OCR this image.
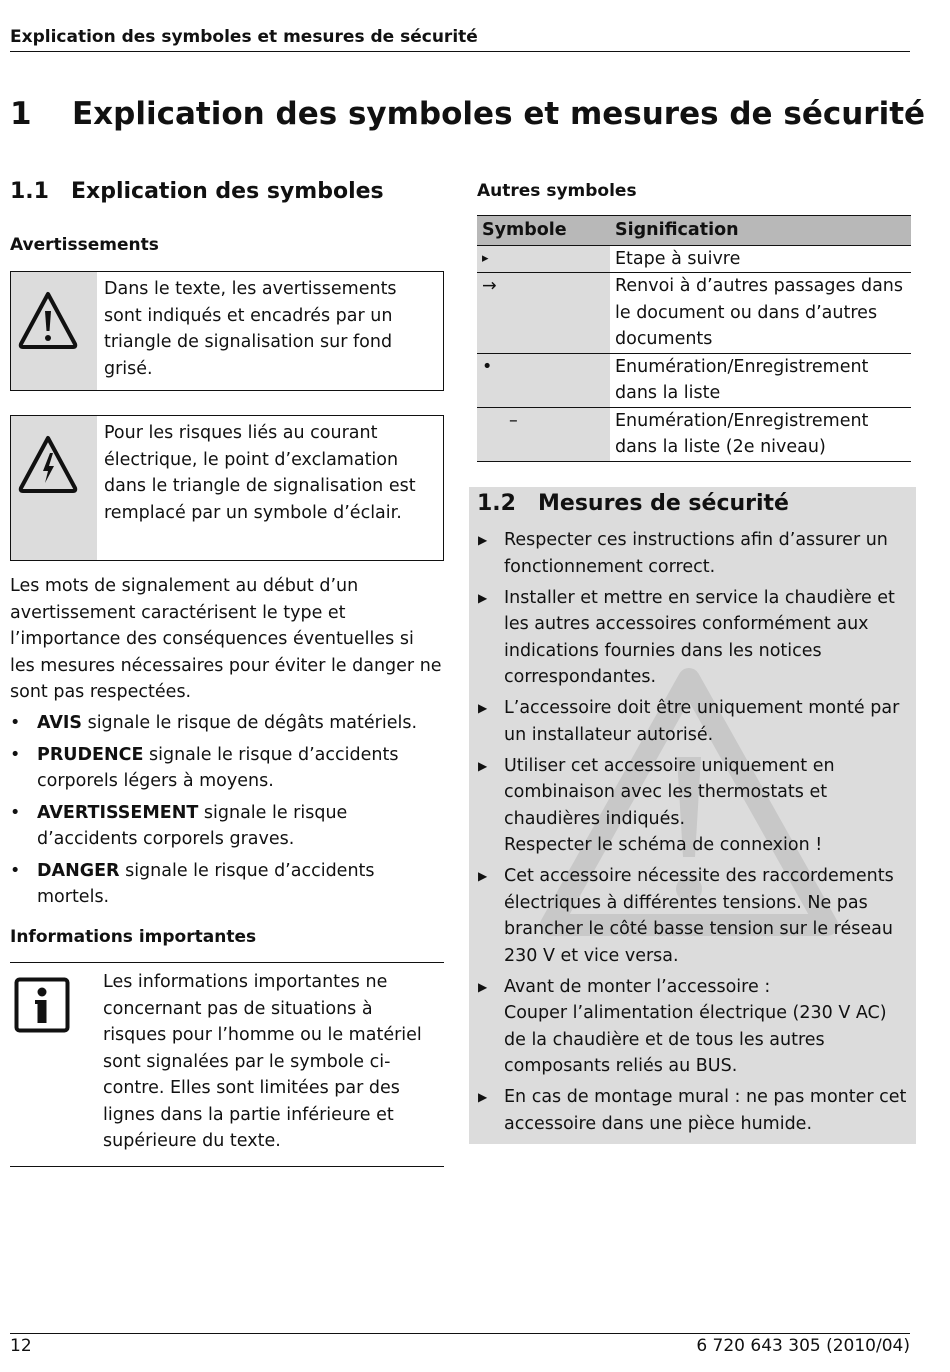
Explication des symboles et mesures de sécurité
1 Explication des symboles et mesures de sécurité
1.1 Explication des symboles
Avertissements
Dans le texte, les avertissements sont indiqués et encadrés par un triangle de signalisation sur fond grisé.
Pour les risques liés au courant électrique, le point d’exclamation dans le triangle de signalisation est remplacé par un symbole d’éclair.
Les mots de signalement au début d’un avertissement caractérisent le type et l’importance des conséquences éventuelles si les mesures nécessaires pour éviter le danger ne sont pas respectées.
• AVIS signale le risque de dégâts matériels.
• PRUDENCE signale le risque d’accidents corporels légers à moyens.
• AVERTISSEMENT signale le risque d’accidents corporels graves.
• DANGER signale le risque d’accidents mortels.
Informations importantes
Les informations importantes ne concernant pas de situations à risques pour l’homme ou le matériel sont signalées par le symbole ci-contre. Elles sont limitées par des lignes dans la partie inférieure et supérieure du texte.
Autres symboles
Symbole	Signification
▸	Etape à suivre
→	Renvoi à d’autres passages dans le document ou dans d’autres documents
•	Enumération/Enregistrement dans la liste
–	Enumération/Enregistrement dans la liste (2e niveau)
1.2 Mesures de sécurité
▶ Respecter ces instructions afin d’assurer un fonctionnement correct.
▶ Installer et mettre en service la chaudière et les autres accessoires conformément aux indications fournies dans les notices correspondantes.
▶ L’accessoire doit être uniquement monté par un installateur autorisé.
▶ Utiliser cet accessoire uniquement en combinaison avec les thermostats et chaudières indiqués.
Respecter le schéma de connexion !
▶ Cet accessoire nécessite des raccordements électriques à différentes tensions. Ne pas brancher le côté basse tension sur le réseau 230 V et vice versa.
▶ Avant de monter l’accessoire :
Couper l’alimentation électrique (230 V AC) de la chaudière et de tous les autres composants reliés au BUS.
▶ En cas de montage mural : ne pas monter cet accessoire dans une pièce humide.
12	6 720 643 305 (2010/04)
